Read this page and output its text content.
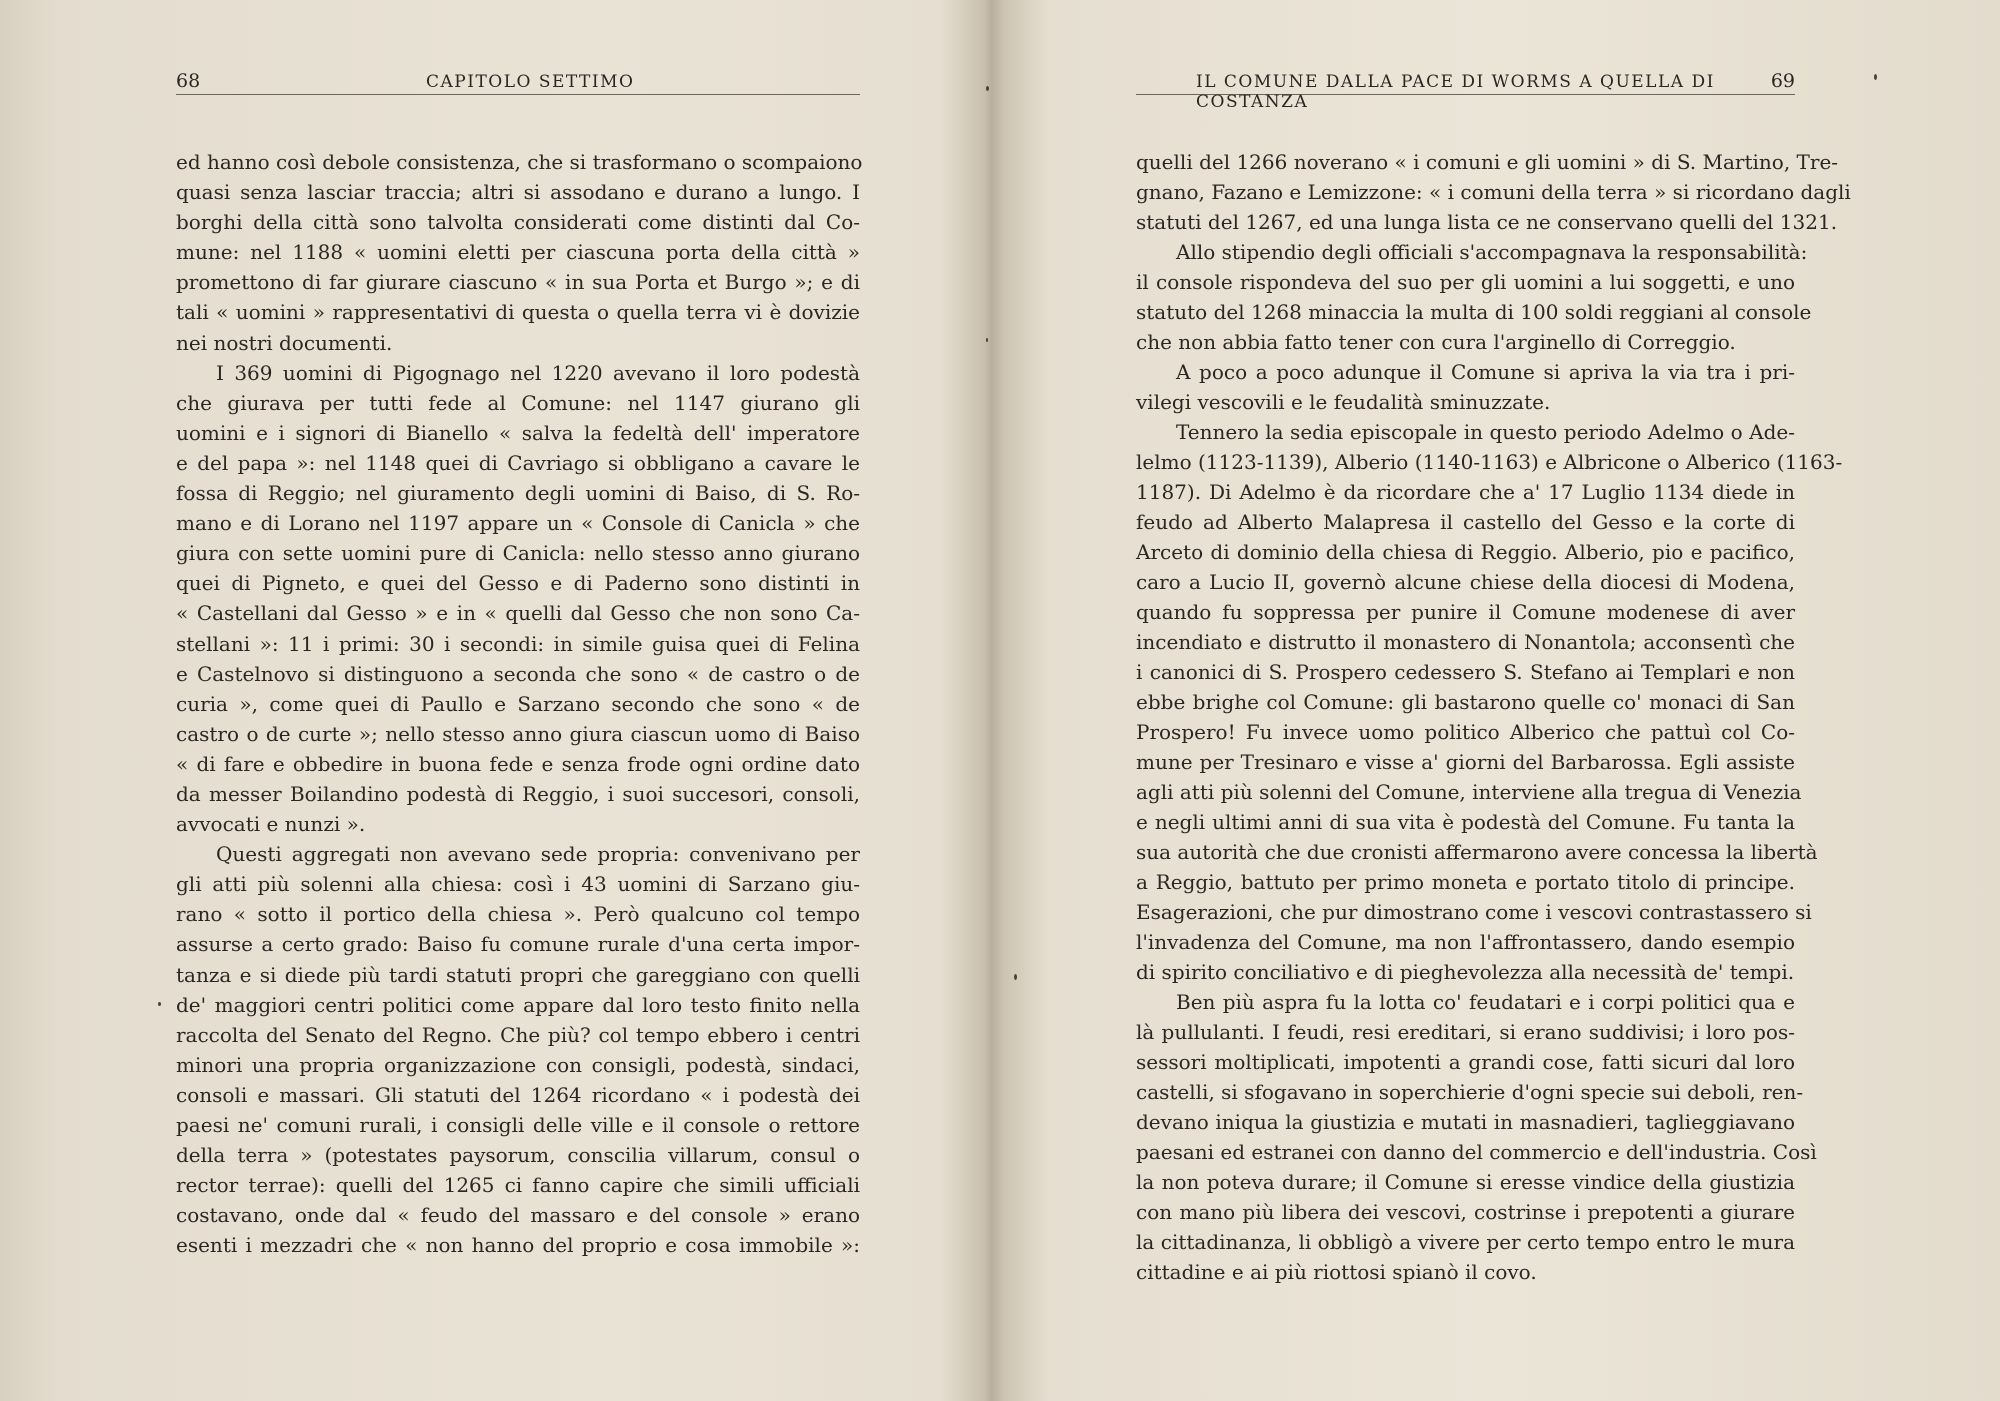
68	CAPITOLO SETTIMO

ed hanno così debole consistenza, che si trasformano o scompaiono
quasi senza lasciar traccia; altri si assodano e durano a lungo. I
borghi della città sono talvolta considerati come distinti dal Co-
mune: nel 1188 « uomini eletti per ciascuna porta della città »
promettono di far giurare ciascuno « in sua Porta et Burgo »; e di
tali « uomini » rappresentativi di questa o quella terra vi è dovizie
nei nostri documenti.
I 369 uomini di Pigognago nel 1220 avevano il loro podestà
che giurava per tutti fede al Comune: nel 1147 giurano gli
uomini e i signori di Bianello « salva la fedeltà dell' imperatore
e del papa »: nel 1148 quei di Cavriago si obbligano a cavare le
fossa di Reggio; nel giuramento degli uomini di Baiso, di S. Ro-
mano e di Lorano nel 1197 appare un « Console di Canicla » che
giura con sette uomini pure di Canicla: nello stesso anno giurano
quei di Pigneto, e quei del Gesso e di Paderno sono distinti in
« Castellani dal Gesso » e in « quelli dal Gesso che non sono Ca-
stellani »: 11 i primi: 30 i secondi: in simile guisa quei di Felina
e Castelnovo si distinguono a seconda che sono « de castro o de
curia », come quei di Paullo e Sarzano secondo che sono « de
castro o de curte »; nello stesso anno giura ciascun uomo di Baiso
« di fare e obbedire in buona fede e senza frode ogni ordine dato
da messer Boilandino podestà di Reggio, i suoi succesori, consoli,
avvocati e nunzi ».
Questi aggregati non avevano sede propria: convenivano per
gli atti più solenni alla chiesa: così i 43 uomini di Sarzano giu-
rano « sotto il portico della chiesa ». Però qualcuno col tempo
assurse a certo grado: Baiso fu comune rurale d'una certa impor-
tanza e si diede più tardi statuti propri che gareggiano con quelli
de' maggiori centri politici come appare dal loro testo finito nella
raccolta del Senato del Regno. Che più? col tempo ebbero i centri
minori una propria organizzazione con consigli, podestà, sindaci,
consoli e massari. Gli statuti del 1264 ricordano « i podestà dei
paesi ne' comuni rurali, i consigli delle ville e il console o rettore
della terra » (potestates paysorum, conscilia villarum, consul o
rector terrae): quelli del 1265 ci fanno capire che simili ufficiali
costavano, onde dal « feudo del massaro e del console » erano
esenti i mezzadri che « non hanno del proprio e cosa immobile »:

IL COMUNE DALLA PACE DI WORMS A QUELLA DI COSTANZA
69

quelli del 1266 noverano « i comuni e gli uomini » di S. Martino, Tre-
gnano, Fazano e Lemizzone: « i comuni della terra » si ricordano dagli
statuti del 1267, ed una lunga lista ce ne conservano quelli del 1321.
Allo stipendio degli officiali s'accompagnava la responsabilità:
il console rispondeva del suo per gli uomini a lui soggetti, e uno
statuto del 1268 minaccia la multa di 100 soldi reggiani al console
che non abbia fatto tener con cura l'arginello di Correggio.
A poco a poco adunque il Comune si apriva la via tra i pri-
vilegi vescovili e le feudalità sminuzzate.
Tennero la sedia episcopale in questo periodo Adelmo o Ade-
lelmo (1123-1139), Alberio (1140-1163) e Albricone o Alberico (1163-
1187). Di Adelmo è da ricordare che a' 17 Luglio 1134 diede in
feudo ad Alberto Malapresa il castello del Gesso e la corte di
Arceto di dominio della chiesa di Reggio. Alberio, pio e pacifico,
caro a Lucio II, governò alcune chiese della diocesi di Modena,
quando fu soppressa per punire il Comune modenese di aver
incendiato e distrutto il monastero di Nonantola; acconsentì che
i canonici di S. Prospero cedessero S. Stefano ai Templari e non
ebbe brighe col Comune: gli bastarono quelle co' monaci di San
Prospero! Fu invece uomo politico Alberico che pattuì col Co-
mune per Tresinaro e visse a' giorni del Barbarossa. Egli assiste
agli atti più solenni del Comune, interviene alla tregua di Venezia
e negli ultimi anni di sua vita è podestà del Comune. Fu tanta la
sua autorità che due cronisti affermarono avere concessa la libertà
a Reggio, battuto per primo moneta e portato titolo di principe.
Esagerazioni, che pur dimostrano come i vescovi contrastassero si
l'invadenza del Comune, ma non l'affrontassero, dando esempio
di spirito conciliativo e di pieghevolezza alla necessità de' tempi.
Ben più aspra fu la lotta co' feudatari e i corpi politici qua e
là pullulanti. I feudi, resi ereditari, si erano suddivisi; i loro pos-
sessori moltiplicati, impotenti a grandi cose, fatti sicuri dal loro
castelli, si sfogavano in soperchierie d'ogni specie sui deboli, ren-
devano iniqua la giustizia e mutati in masnadieri, taglieggiavano
paesani ed estranei con danno del commercio e dell'industria. Così
la non poteva durare; il Comune si eresse vindice della giustizia
con mano più libera dei vescovi, costrinse i prepotenti a giurare
la cittadinanza, li obbligò a vivere per certo tempo entro le mura
cittadine e ai più riottosi spianò il covo.
